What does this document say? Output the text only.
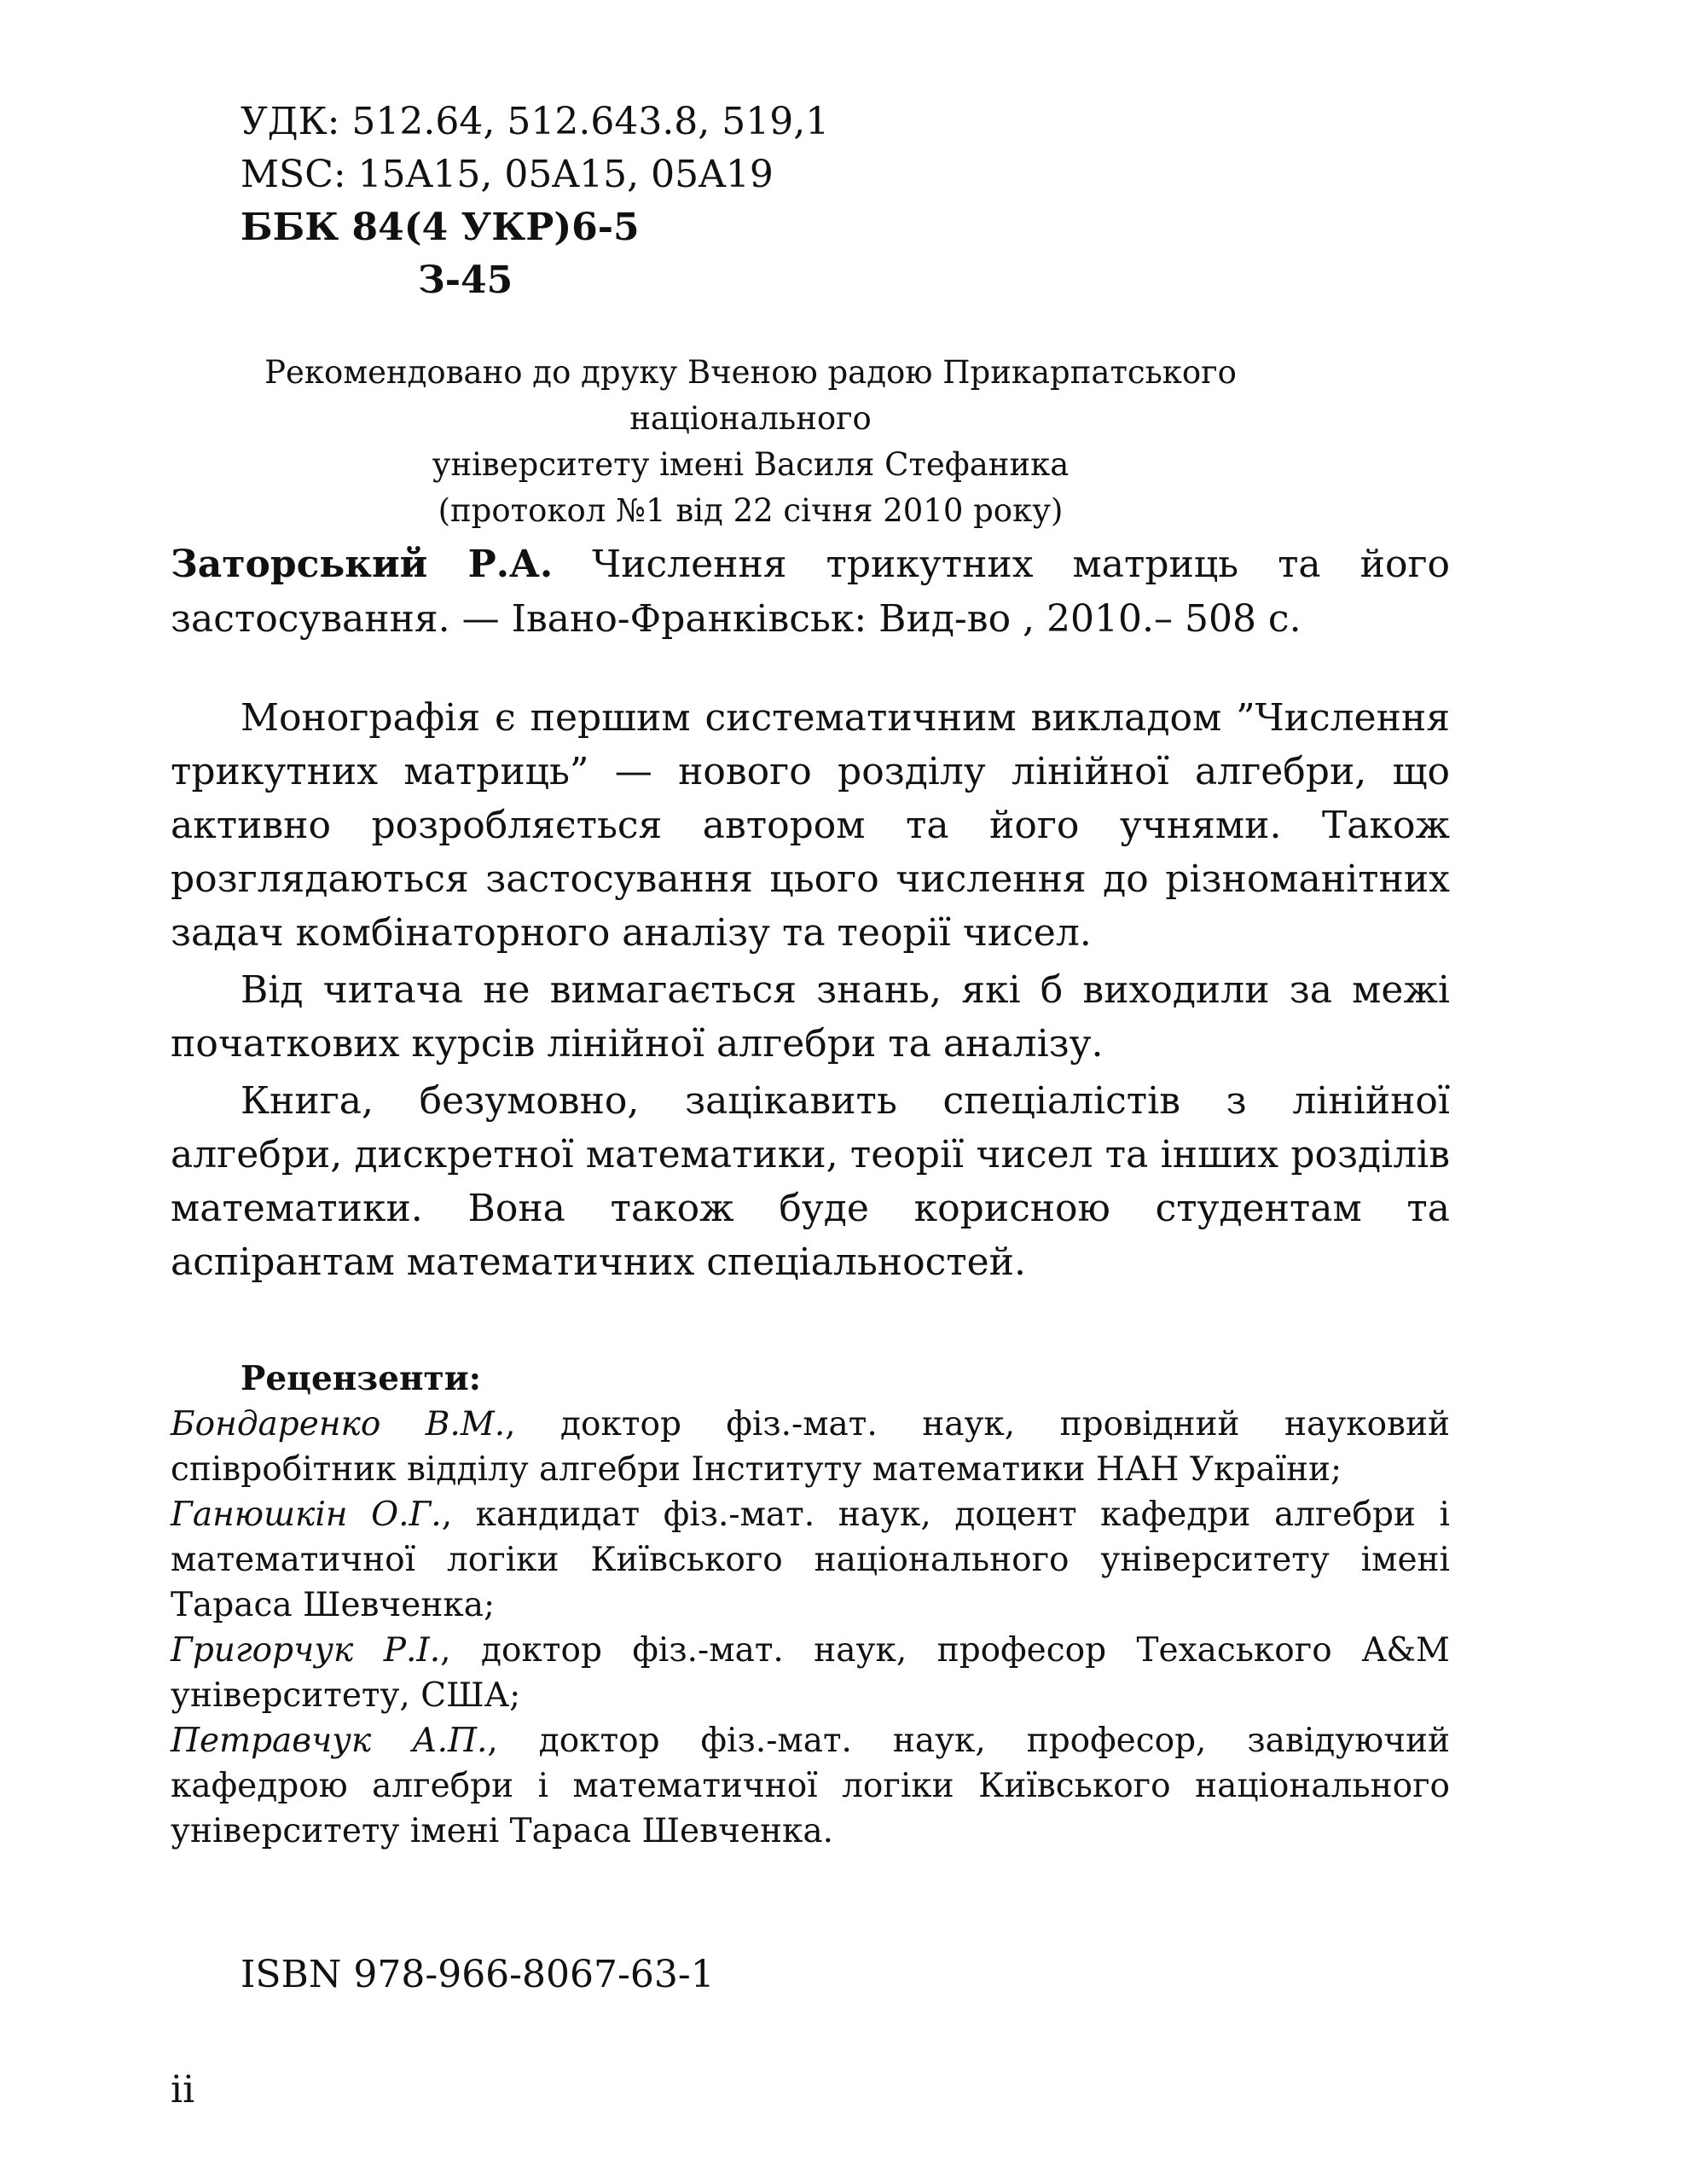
УДК: 512.64, 512.643.8, 519,1
MSC: 15A15, 05A15, 05A19
ББК 84(4 УКР)6-5
З-45
Рекомендовано до друку Вченою радою Прикарпатського національного
університету імені Василя Стефаника
(протокол №1 від 22 січня 2010 року)
Заторський Р.А. Числення трикутних матриць та його застосування. — Івано-Франківськ: Вид-во , 2010.– 508 с.

Монографія є першим систематичним викладом ”Числення трикутних матриць” — нового розділу лінійної алгебри, що активно розробляється автором та його учнями. Також розглядаються застосування цього числення до різноманітних задач комбінаторного аналізу та теорії чисел.

Від читача не вимагається знань, які б виходили за межі початкових курсів лінійної алгебри та аналізу.

Книга, безумовно, зацікавить спеціалістів з лінійної алгебри, дискретної математики, теорії чисел та інших розділів математики. Вона також буде корисною студентам та аспірантам математичних спеціальностей.

Рецензенти:
Бондаренко В.М., доктор фіз.-мат. наук, провідний науковий співробітник відділу алгебри Інституту математики НАН України;
Ганюшкін О.Г., кандидат фіз.-мат. наук, доцент кафедри алгебри і математичної логіки Київського національного університету імені Тараса Шевченка;
Григорчук Р.І., доктор фіз.-мат. наук, професор Техаського A&M університету, США;
Петравчук А.П., доктор фіз.-мат. наук, професор, завідуючий кафедрою алгебри і математичної логіки Київського національного університету імені Тараса Шевченка.
ISBN 978-966-8067-63-1
ii
